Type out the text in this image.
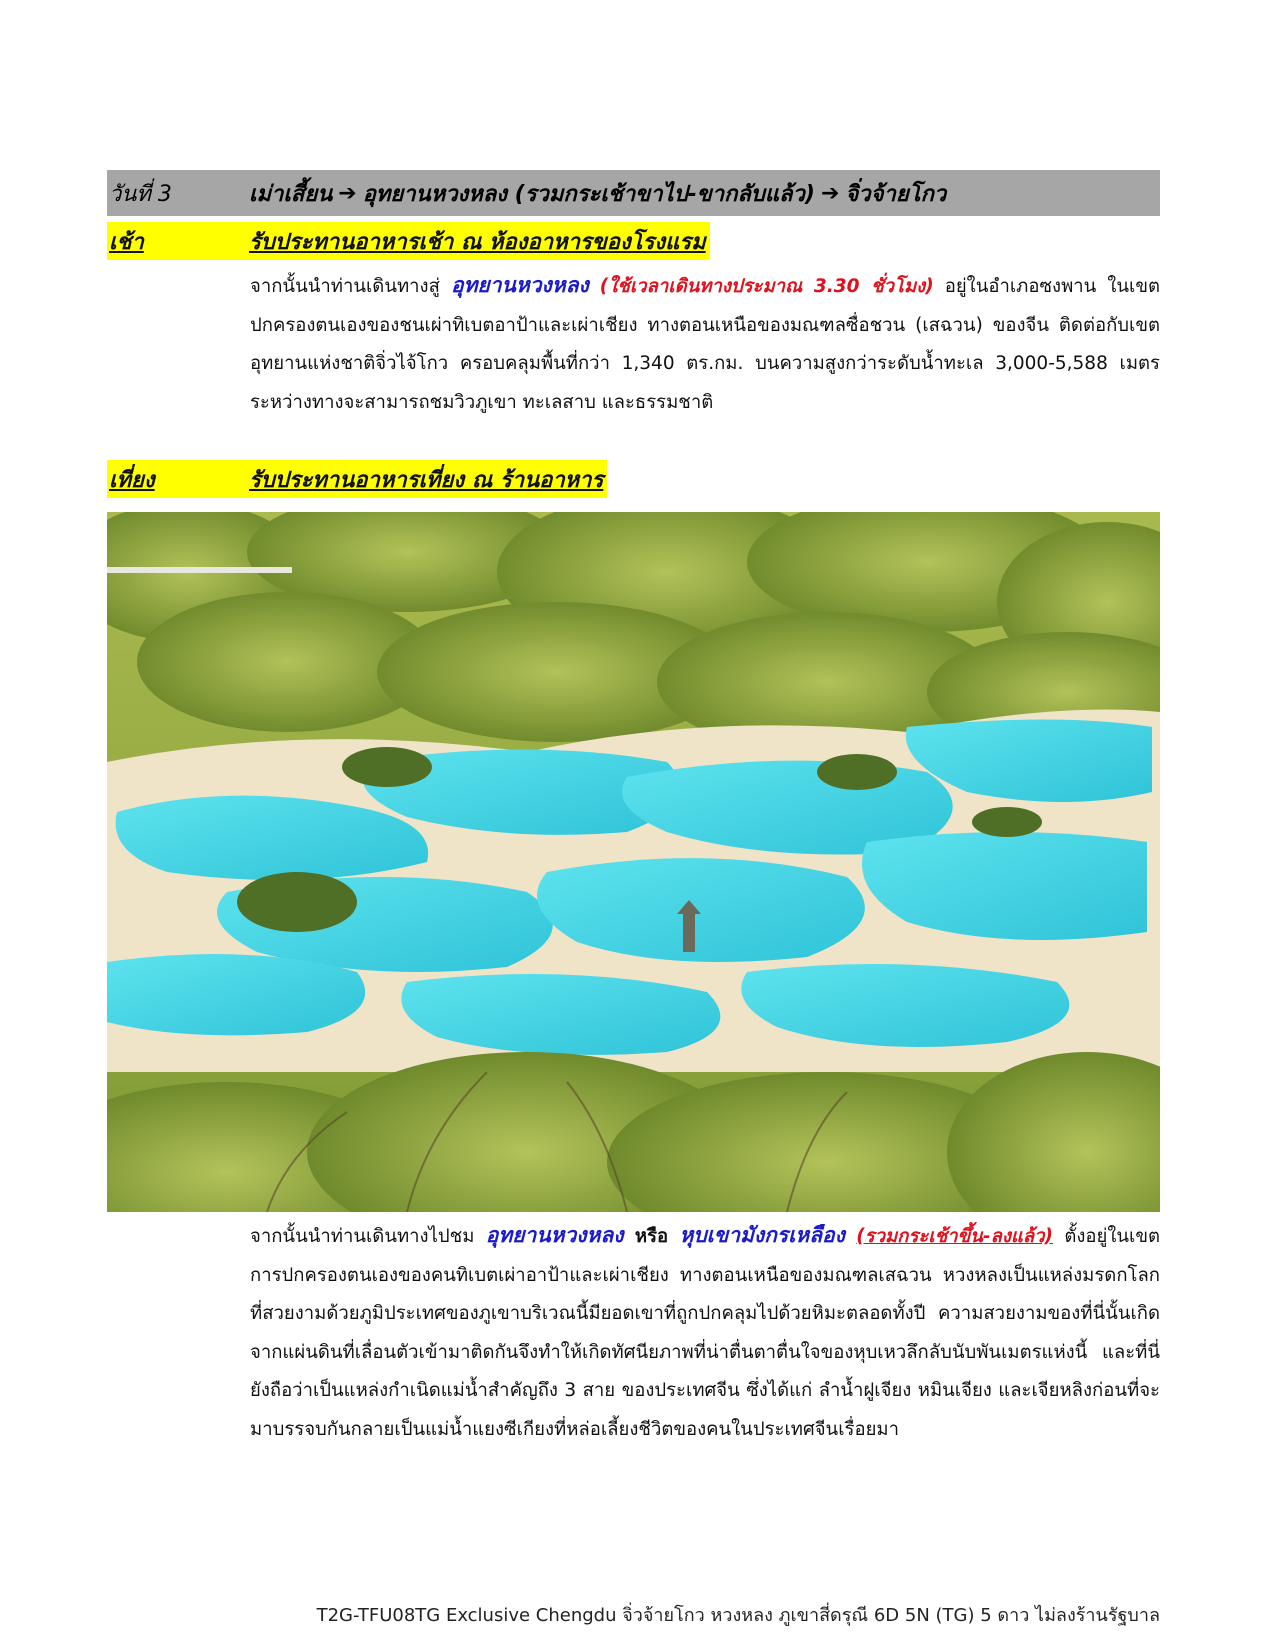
วันที่ 3	เม่าเสี้ยน ➔ อุทยานหวงหลง (รวมกระเช้าขาไป-ขากลับแล้ว) ➔ จิ่วจ้ายโกว
เช้า	รับประทานอาหารเช้า ณ ห้องอาหารของโรงแรม
จากนั้นนำท่านเดินทางสู่ อุทยานหวงหลง (ใช้เวลาเดินทางประมาณ 3.30 ชั่วโมง) อยู่ในอำเภอซงพาน ในเขตปกครองตนเองของชนเผ่าทิเบตอาป้าและเผ่าเชียง ทางตอนเหนือของมณฑลซื่อชวน (เสฉวน) ของจีน ติดต่อกับเขตอุทยานแห่งชาติจิ่วไจ้โกว ครอบคลุมพื้นที่กว่า 1,340 ตร.กม. บนความสูงกว่าระดับน้ำทะเล 3,000-5,588 เมตร ระหว่างทางจะสามารถชมวิวภูเขา ทะเลสาบ และธรรมชาติ
เที่ยง	รับประทานอาหารเที่ยง ณ ร้านอาหาร
จากนั้นนำท่านเดินทางไปชม อุทยานหวงหลง หรือ หุบเขามังกรเหลือง (รวมกระเช้าขึ้น-ลงแล้ว) ตั้งอยู่ในเขตการปกครองตนเองของคนทิเบตเผ่าอาป้าและเผ่าเชียง ทางตอนเหนือของมณฑลเสฉวน หวงหลงเป็นแหล่งมรดกโลกที่สวยงามด้วยภูมิประเทศของภูเขาบริเวณนี้มียอดเขาที่ถูกปกคลุมไปด้วยหิมะตลอดทั้งปี ความสวยงามของที่นี่นั้นเกิดจากแผ่นดินที่เลื่อนตัวเข้ามาติดกันจึงทำให้เกิดทัศนียภาพที่น่าตื่นตาตื่นใจของหุบเหวลึกลับนับพันเมตรแห่งนี้ และที่นี่ยังถือว่าเป็นแหล่งกำเนิดแม่น้ำสำคัญถึง 3 สาย ของประเทศจีน ซึ่งได้แก่ ลำน้ำฝูเจียง หมินเจียง และเจียหลิงก่อนที่จะมาบรรจบกันกลายเป็นแม่น้ำแยงซีเกียงที่หล่อเลี้ยงชีวิตของคนในประเทศจีนเรื่อยมา
T2G-TFU08TG Exclusive Chengdu จิ่วจ้ายโกว หวงหลง ภูเขาสี่ดรุณี 6D 5N (TG) 5 ดาว ไม่ลงร้านรัฐบาล
